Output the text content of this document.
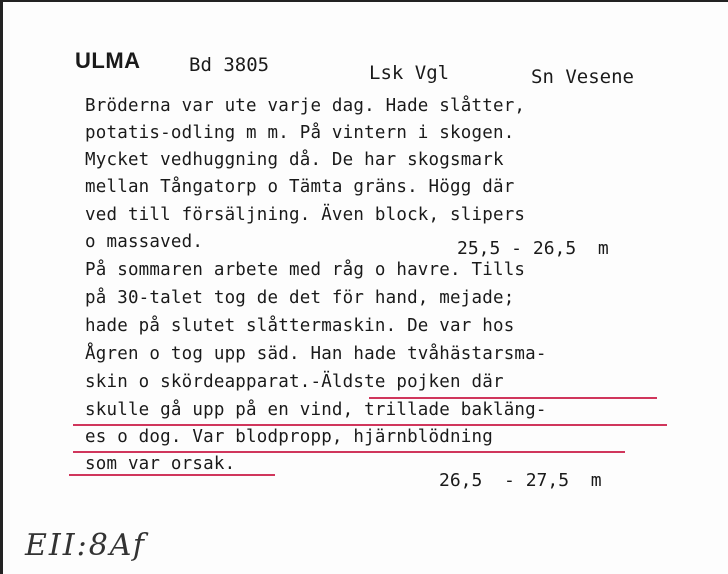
ULMA	Bd 3805	Lsk Vgl	Sn Vesene
Bröderna var ute varje dag. Hade slåtter,
potatis-odling m m. På vintern i skogen.
Mycket vedhuggning då. De har skogsmark
mellan Tångatorp o Tämta gräns. Högg där
ved till försäljning. Även block, slipers
o massaved.	25,5 - 26,5  m
På sommaren arbete med råg o havre. Tills
på 30-talet tog de det för hand, mejade;
hade på slutet slåttermaskin. De var hos
Ågren o tog upp säd. Han hade tvåhästarsma-
skin o skördeapparat.-Äldste pojken där
skulle gå upp på en vind, trillade bakläng-
es o dog. Var blodpropp, hjärnblödning
som var orsak.
26,5  - 27,5  m
EII:8Af
